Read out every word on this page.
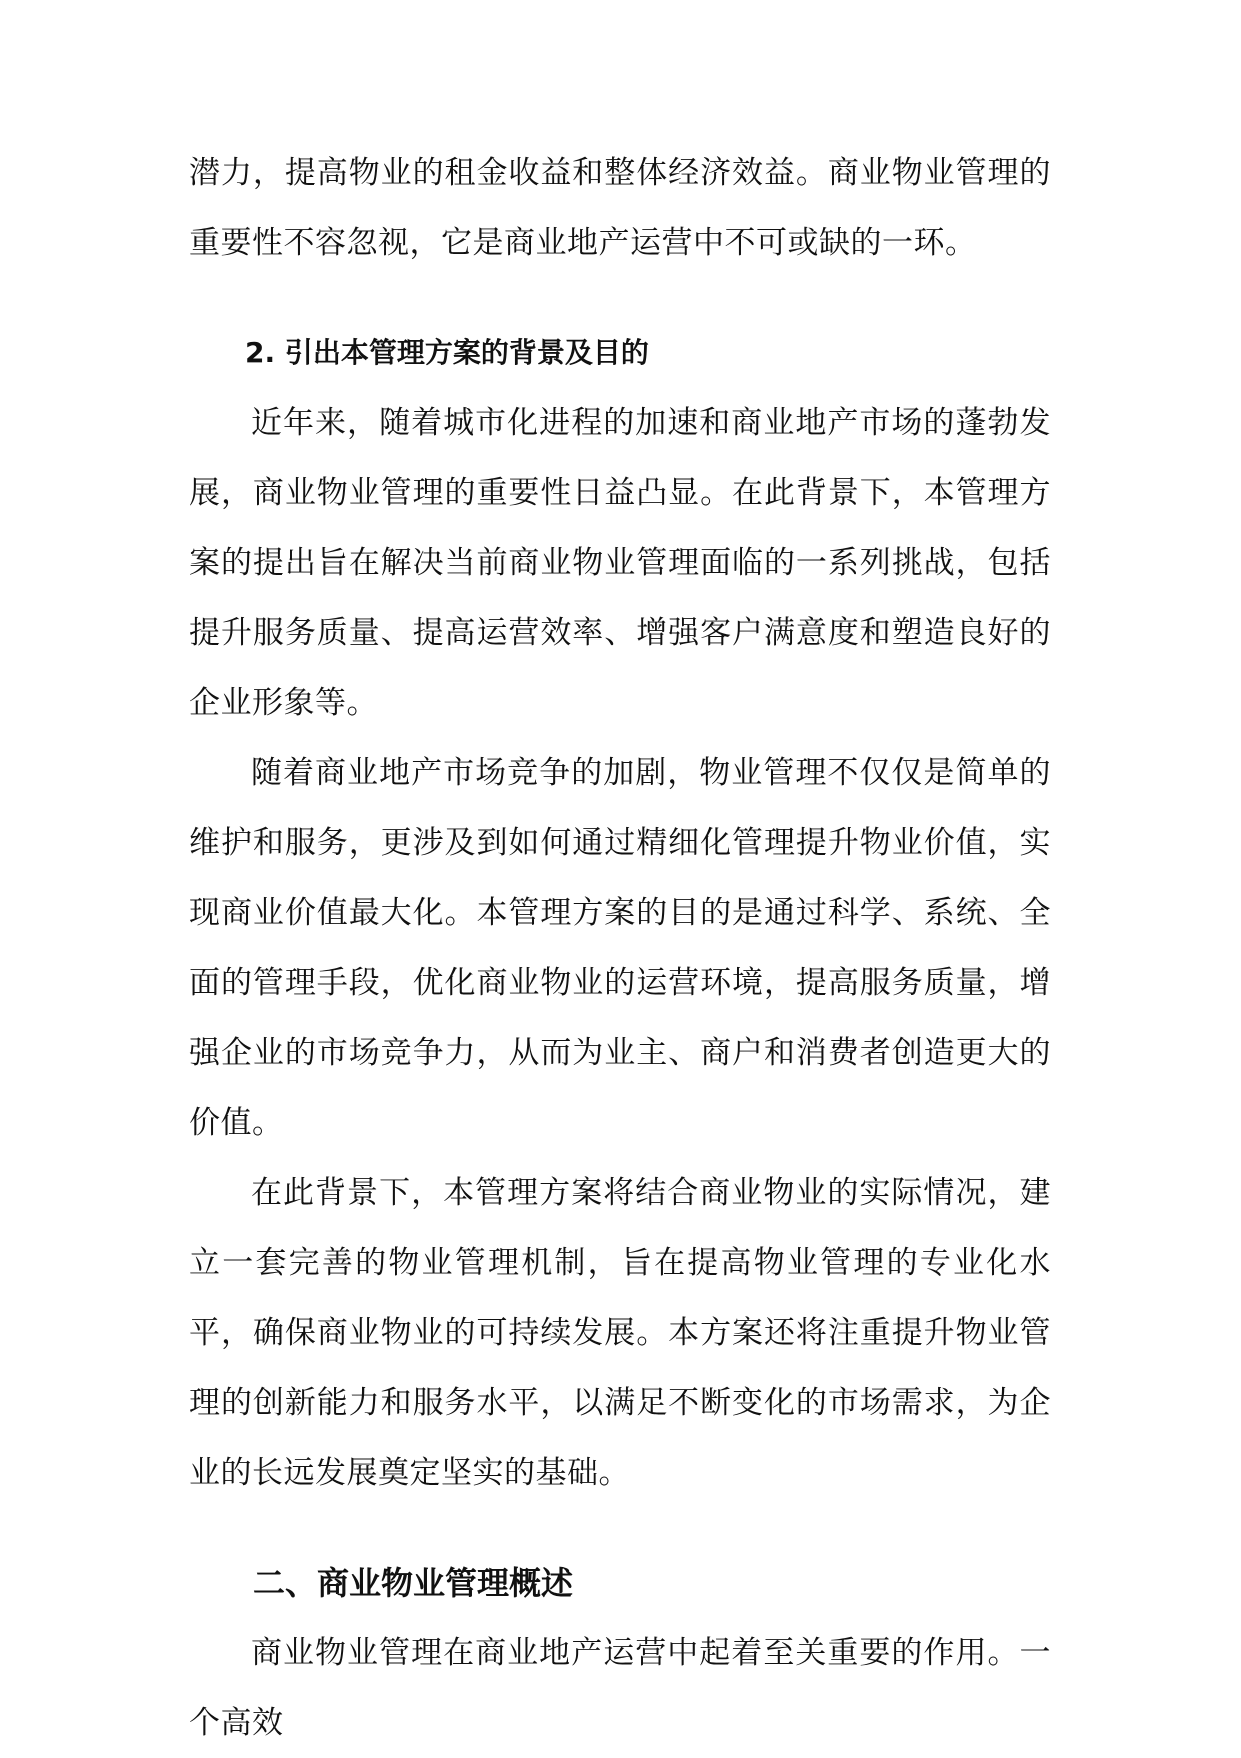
潜力，提高物业的租金收益和整体经济效益。商业物业管理的重要性不容忽视，它是商业地产运营中不可或缺的一环。

2. 引出本管理方案的背景及目的

近年来，随着城市化进程的加速和商业地产市场的蓬勃发展，商业物业管理的重要性日益凸显。在此背景下，本管理方案的提出旨在解决当前商业物业管理面临的一系列挑战，包括提升服务质量、提高运营效率、增强客户满意度和塑造良好的企业形象等。

随着商业地产市场竞争的加剧，物业管理不仅仅是简单的维护和服务，更涉及到如何通过精细化管理提升物业价值，实现商业价值最大化。本管理方案的目的是通过科学、系统、全面的管理手段，优化商业物业的运营环境，提高服务质量，增强企业的市场竞争力，从而为业主、商户和消费者创造更大的价值。

在此背景下，本管理方案将结合商业物业的实际情况，建立一套完善的物业管理机制，旨在提高物业管理的专业化水平，确保商业物业的可持续发展。本方案还将注重提升物业管理的创新能力和服务水平，以满足不断变化的市场需求，为企业的长远发展奠定坚实的基础。

二、商业物业管理概述

商业物业管理在商业地产运营中起着至关重要的作用。一个高效
